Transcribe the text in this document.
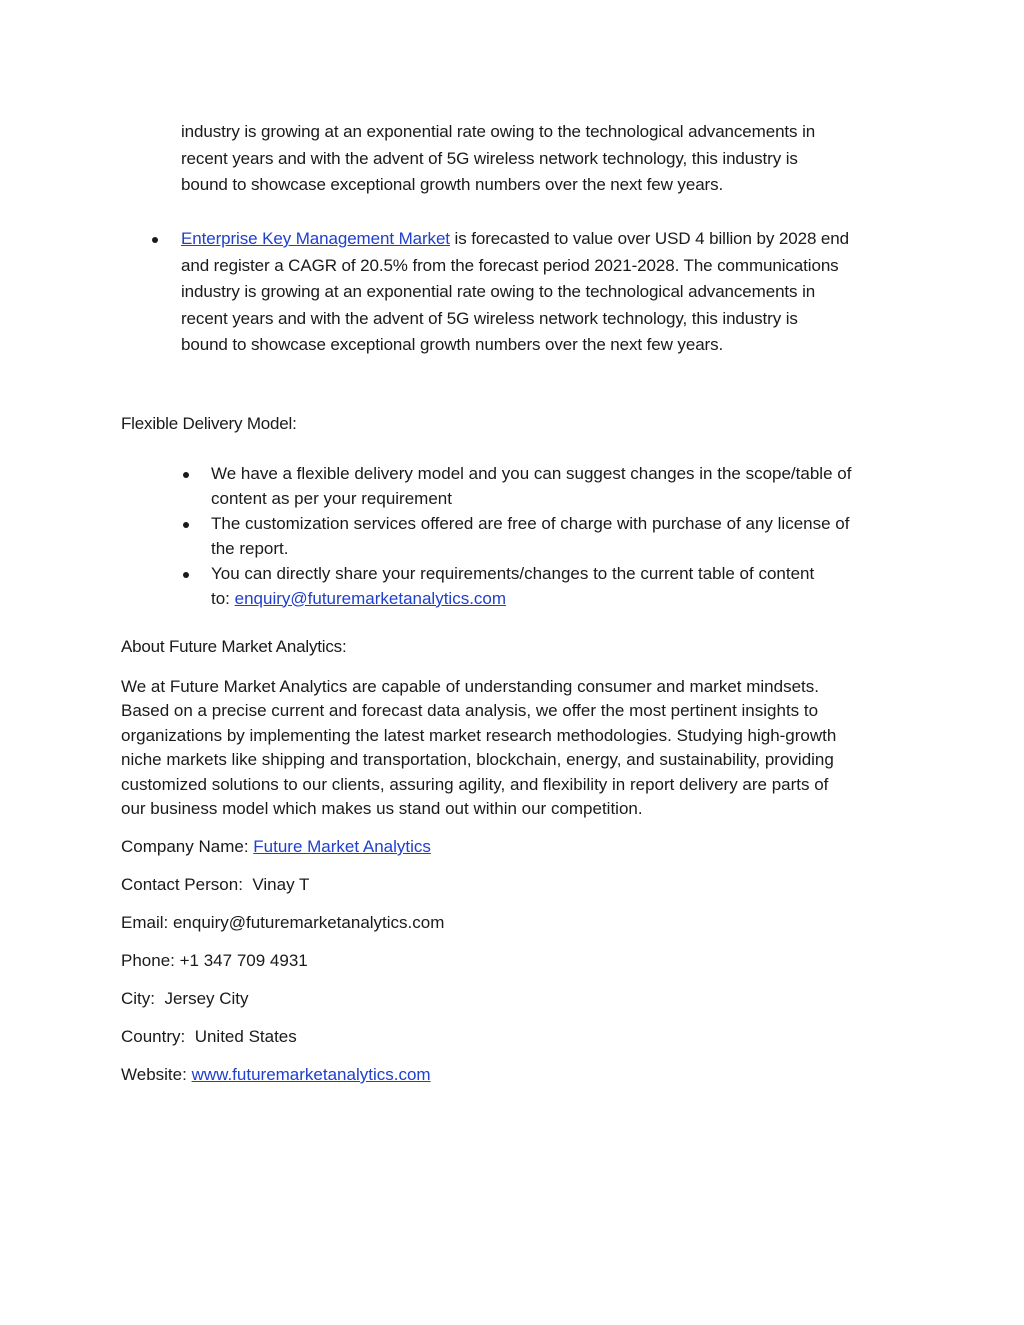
industry is growing at an exponential rate owing to the technological advancements in
recent years and with the advent of 5G wireless network technology, this industry is
bound to showcase exceptional growth numbers over the next few years.
Enterprise Key Management Market is forecasted to value over USD 4 billion by 2028 end
and register a CAGR of 20.5% from the forecast period 2021-2028. The communications
industry is growing at an exponential rate owing to the technological advancements in
recent years and with the advent of 5G wireless network technology, this industry is
bound to showcase exceptional growth numbers over the next few years.
Flexible Delivery Model:
We have a flexible delivery model and you can suggest changes in the scope/table of
content as per your requirement
The customization services offered are free of charge with purchase of any license of
the report.
You can directly share your requirements/changes to the current table of content
to: enquiry@futuremarketanalytics.com
About Future Market Analytics:
We at Future Market Analytics are capable of understanding consumer and market mindsets.
Based on a precise current and forecast data analysis, we offer the most pertinent insights to
organizations by implementing the latest market research methodologies. Studying high-growth
niche markets like shipping and transportation, blockchain, energy, and sustainability, providing
customized solutions to our clients, assuring agility, and flexibility in report delivery are parts of
our business model which makes us stand out within our competition.
Company Name: Future Market Analytics
Contact Person:  Vinay T
Email: enquiry@futuremarketanalytics.com
Phone: +1 347 709 4931
City:  Jersey City
Country:  United States
Website: www.futuremarketanalytics.com
